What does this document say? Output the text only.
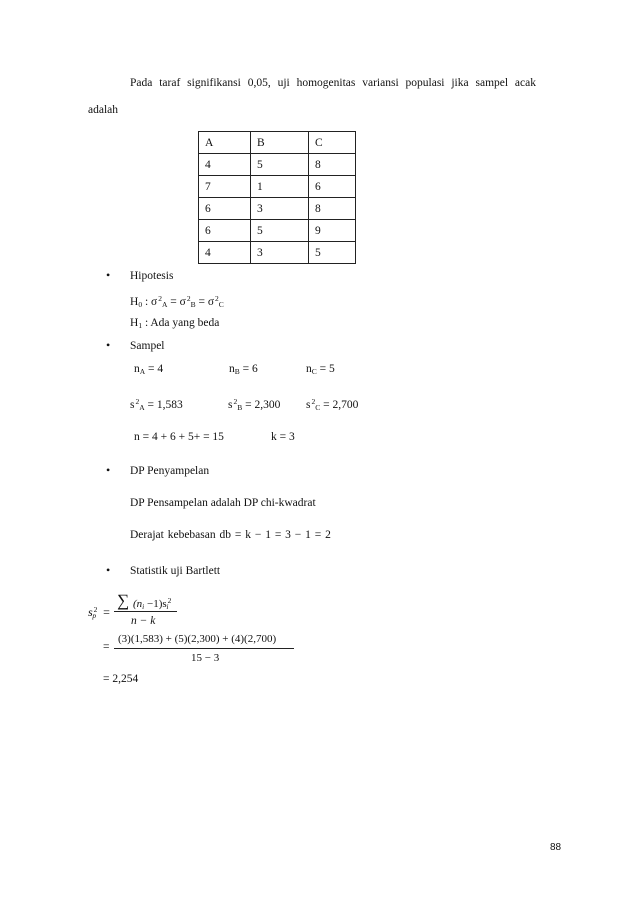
Pada taraf signifikansi 0,05, uji homogenitas variansi populasi jika sampel acak
adalah
A	B	C
4	5	8
7	1	6
6	3	8
6	5	9
4	3	5
• Hipotesis
$H_0$ : $\sigma^2_A = \sigma^2_B = \sigma^2_C$
$H_1$ : Ada yang beda
• Sampel
$n_A = 4$	$n_B = 6$	$n_C = 5$
$s^2_A = 1,583$	$s^2_B = 2,300$ $s^2_C = 2,700$
n = 4 + 6 + 5+ = 15	k = 3
• DP Penyampelan
DP Pensampelan adalah DP chi-kwadrat
Derajat kebebasan db = k − 1 = 3 − 1 = 2
• Statistik uji Bartlett
$s^2_p$ =
∑ $(n_i -1)s^2_i$
n − k
(3)(1,583) + (5)(2,300) + (4)(2,700)
=
15 − 3
= 2,254
88
